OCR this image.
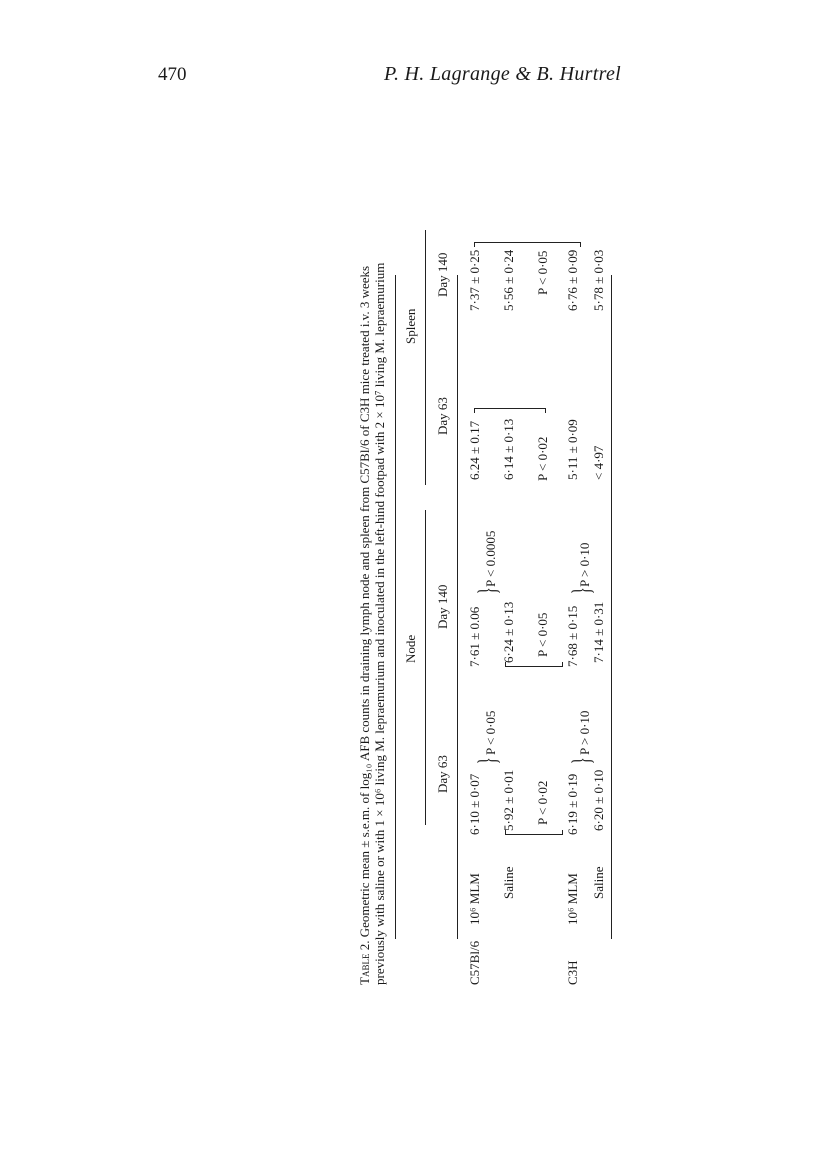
470	P. H. Lagrange & B. Hurtrel
Table 2. Geometric mean ± s.e.m. of log₁₀ AFB counts in draining lymph node and spleen from C57Bl/6 of C3H mice treated i.v. 3 weeks previously with saline or with 1 × 10⁶ living M. lepraemurium and inoculated in the left-hind footpad with 2 × 10⁷ living M. lepraemurium Node
Spleen
Day 63
Day 140
Day 63
Day 140
C57Bl/6
10⁶ MLM
6·10 ± 0·07
7·61 ± 0.06
6.24 ± 0.17
7·37 ± 0·25
Saline
5·92 ± 0·01
6·24 ± 0·13
6·14 ± 0·13
5·56 ± 0·24
}
P < 0·05
}
P < 0.0005
P < 0·02
P < 0·05
P < 0·02
P < 0·05
C3H
10⁶ MLM
6·19 ± 0·19
7·68 ± 0·15
5·11 ± 0·09
6·76 ± 0·09
Saline
6·20 ± 0·10
7·14 ± 0·31
< 4·97
5·78 ± 0·03
}
P > 0·10
}
P > 0·10
